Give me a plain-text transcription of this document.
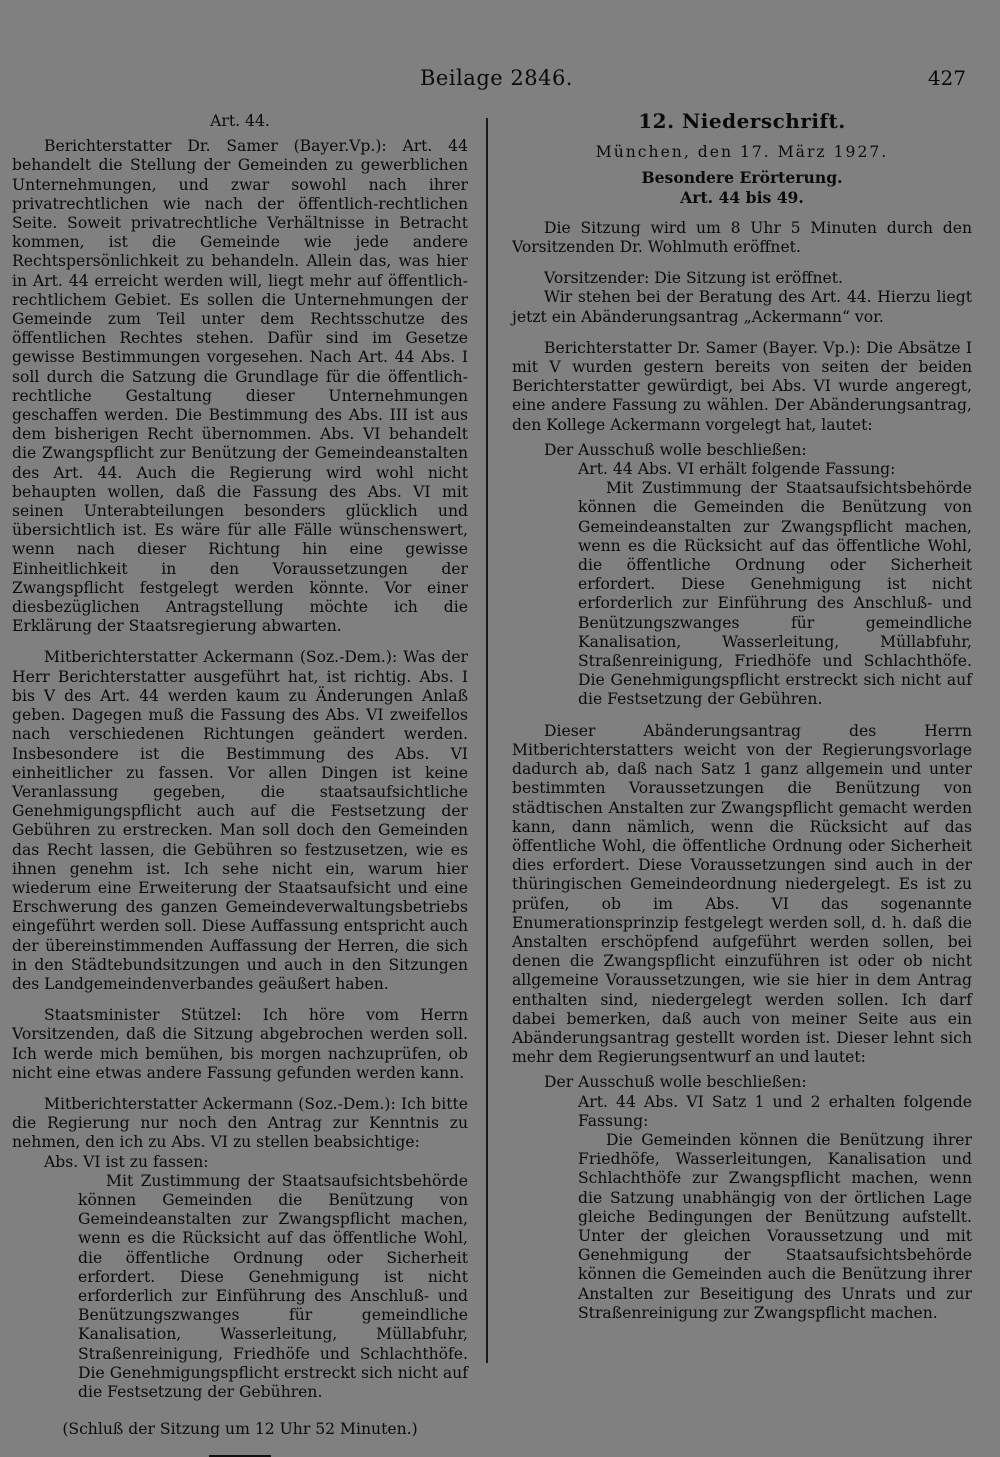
Beilage 2846.	427

Art. 44.

Berichterstatter Dr. Samer (Bayer.Vp.): Art. 44 behandelt die Stellung der Gemeinden zu gewerblichen Unternehmungen, und zwar sowohl nach ihrer privatrechtlichen wie nach der öffentlich-rechtlichen Seite. Soweit privatrechtliche Verhältnisse in Betracht kommen, ist die Gemeinde wie jede andere Rechtspersönlichkeit zu behandeln. Allein das, was hier in Art. 44 erreicht werden will, liegt mehr auf öffentlich-rechtlichem Gebiet. Es sollen die Unternehmungen der Gemeinde zum Teil unter dem Rechtsschutze des öffentlichen Rechtes stehen. Dafür sind im Gesetze gewisse Bestimmungen vorgesehen. Nach Art. 44 Abs. I soll durch die Satzung die Grundlage für die öffentlich-rechtliche Gestaltung dieser Unternehmungen geschaffen werden. Die Bestimmung des Abs. III ist aus dem bisherigen Recht übernommen. Abs. VI behandelt die Zwangspflicht zur Benützung der Gemeindeanstalten des Art. 44. Auch die Regierung wird wohl nicht behaupten wollen, daß die Fassung des Abs. VI mit seinen Unterabteilungen besonders glücklich und übersichtlich ist. Es wäre für alle Fälle wünschenswert, wenn nach dieser Richtung hin eine gewisse Einheitlichkeit in den Voraussetzungen der Zwangspflicht festgelegt werden könnte. Vor einer diesbezüglichen Antragstellung möchte ich die Erklärung der Staatsregierung abwarten.

Mitberichterstatter Ackermann (Soz.-Dem.): Was der Herr Berichterstatter ausgeführt hat, ist richtig. Abs. I bis V des Art. 44 werden kaum zu Änderungen Anlaß geben. Dagegen muß die Fassung des Abs. VI zweifellos nach verschiedenen Richtungen geändert werden. Insbesondere ist die Bestimmung des Abs. VI einheitlicher zu fassen. Vor allen Dingen ist keine Veranlassung gegeben, die staatsaufsichtliche Genehmigungspflicht auch auf die Festsetzung der Gebühren zu erstrecken. Man soll doch den Gemeinden das Recht lassen, die Gebühren so festzusetzen, wie es ihnen genehm ist. Ich sehe nicht ein, warum hier wiederum eine Erweiterung der Staatsaufsicht und eine Erschwerung des ganzen Gemeindeverwaltungsbetriebs eingeführt werden soll. Diese Auffassung entspricht auch der übereinstimmenden Auffassung der Herren, die sich in den Städtebundsitzungen und auch in den Sitzungen des Landgemeindenverbandes geäußert haben.

Staatsminister Stützel: Ich höre vom Herrn Vorsitzenden, daß die Sitzung abgebrochen werden soll. Ich werde mich bemühen, bis morgen nachzuprüfen, ob nicht eine etwas andere Fassung gefunden werden kann.

Mitberichterstatter Ackermann (Soz.-Dem.): Ich bitte die Regierung nur noch den Antrag zur Kenntnis zu nehmen, den ich zu Abs. VI zu stellen beabsichtige:

Abs. VI ist zu fassen:

Mit Zustimmung der Staatsaufsichtsbehörde können Gemeinden die Benützung von Gemeindeanstalten zur Zwangspflicht machen, wenn es die Rücksicht auf das öffentliche Wohl, die öffentliche Ordnung oder Sicherheit erfordert. Diese Genehmigung ist nicht erforderlich zur Einführung des Anschluß- und Benützungszwanges für gemeindliche Kanalisation, Wasserleitung, Müllabfuhr, Straßenreinigung, Friedhöfe und Schlachthöfe. Die Genehmigungspflicht erstreckt sich nicht auf die Festsetzung der Gebühren.

(Schluß der Sitzung um 12 Uhr 52 Minuten.)

12. Niederschrift.

München, den 17. März 1927.

Besondere Erörterung.

Art. 44 bis 49.

Die Sitzung wird um 8 Uhr 5 Minuten durch den Vorsitzenden Dr. Wohlmuth eröffnet.

Vorsitzender: Die Sitzung ist eröffnet.

Wir stehen bei der Beratung des Art. 44. Hierzu liegt jetzt ein Abänderungsantrag „Ackermann“ vor.

Berichterstatter Dr. Samer (Bayer. Vp.): Die Absätze I mit V wurden gestern bereits von seiten der beiden Berichterstatter gewürdigt, bei Abs. VI wurde angeregt, eine andere Fassung zu wählen. Der Abänderungsantrag, den Kollege Ackermann vorgelegt hat, lautet:

Der Ausschuß wolle beschließen:

Art. 44 Abs. VI erhält folgende Fassung:

Mit Zustimmung der Staatsaufsichtsbehörde können die Gemeinden die Benützung von Gemeindeanstalten zur Zwangspflicht machen, wenn es die Rücksicht auf das öffentliche Wohl, die öffentliche Ordnung oder Sicherheit erfordert. Diese Genehmigung ist nicht erforderlich zur Einführung des Anschluß- und Benützungszwanges für gemeindliche Kanalisation, Wasserleitung, Müllabfuhr, Straßenreinigung, Friedhöfe und Schlachthöfe. Die Genehmigungspflicht erstreckt sich nicht auf die Festsetzung der Gebühren.

Dieser Abänderungsantrag des Herrn Mitberichterstatters weicht von der Regierungsvorlage dadurch ab, daß nach Satz 1 ganz allgemein und unter bestimmten Voraussetzungen die Benützung von städtischen Anstalten zur Zwangspflicht gemacht werden kann, dann nämlich, wenn die Rücksicht auf das öffentliche Wohl, die öffentliche Ordnung oder Sicherheit dies erfordert. Diese Voraussetzungen sind auch in der thüringischen Gemeindeordnung niedergelegt. Es ist zu prüfen, ob im Abs. VI das sogenannte Enumerationsprinzip festgelegt werden soll, d. h. daß die Anstalten erschöpfend aufgeführt werden sollen, bei denen die Zwangspflicht einzuführen ist oder ob nicht allgemeine Voraussetzungen, wie sie hier in dem Antrag enthalten sind, niedergelegt werden sollen. Ich darf dabei bemerken, daß auch von meiner Seite aus ein Abänderungsantrag gestellt worden ist. Dieser lehnt sich mehr dem Regierungsentwurf an und lautet:

Der Ausschuß wolle beschließen:

Art. 44 Abs. VI Satz 1 und 2 erhalten folgende Fassung:

Die Gemeinden können die Benützung ihrer Friedhöfe, Wasserleitungen, Kanalisation und Schlachthöfe zur Zwangspflicht machen, wenn die Satzung unabhängig von der örtlichen Lage gleiche Bedingungen der Benützung aufstellt. Unter der gleichen Voraussetzung und mit Genehmigung der Staatsaufsichtsbehörde können die Gemeinden auch die Benützung ihrer Anstalten zur Beseitigung des Unrats und zur Straßenreinigung zur Zwangspflicht machen.
